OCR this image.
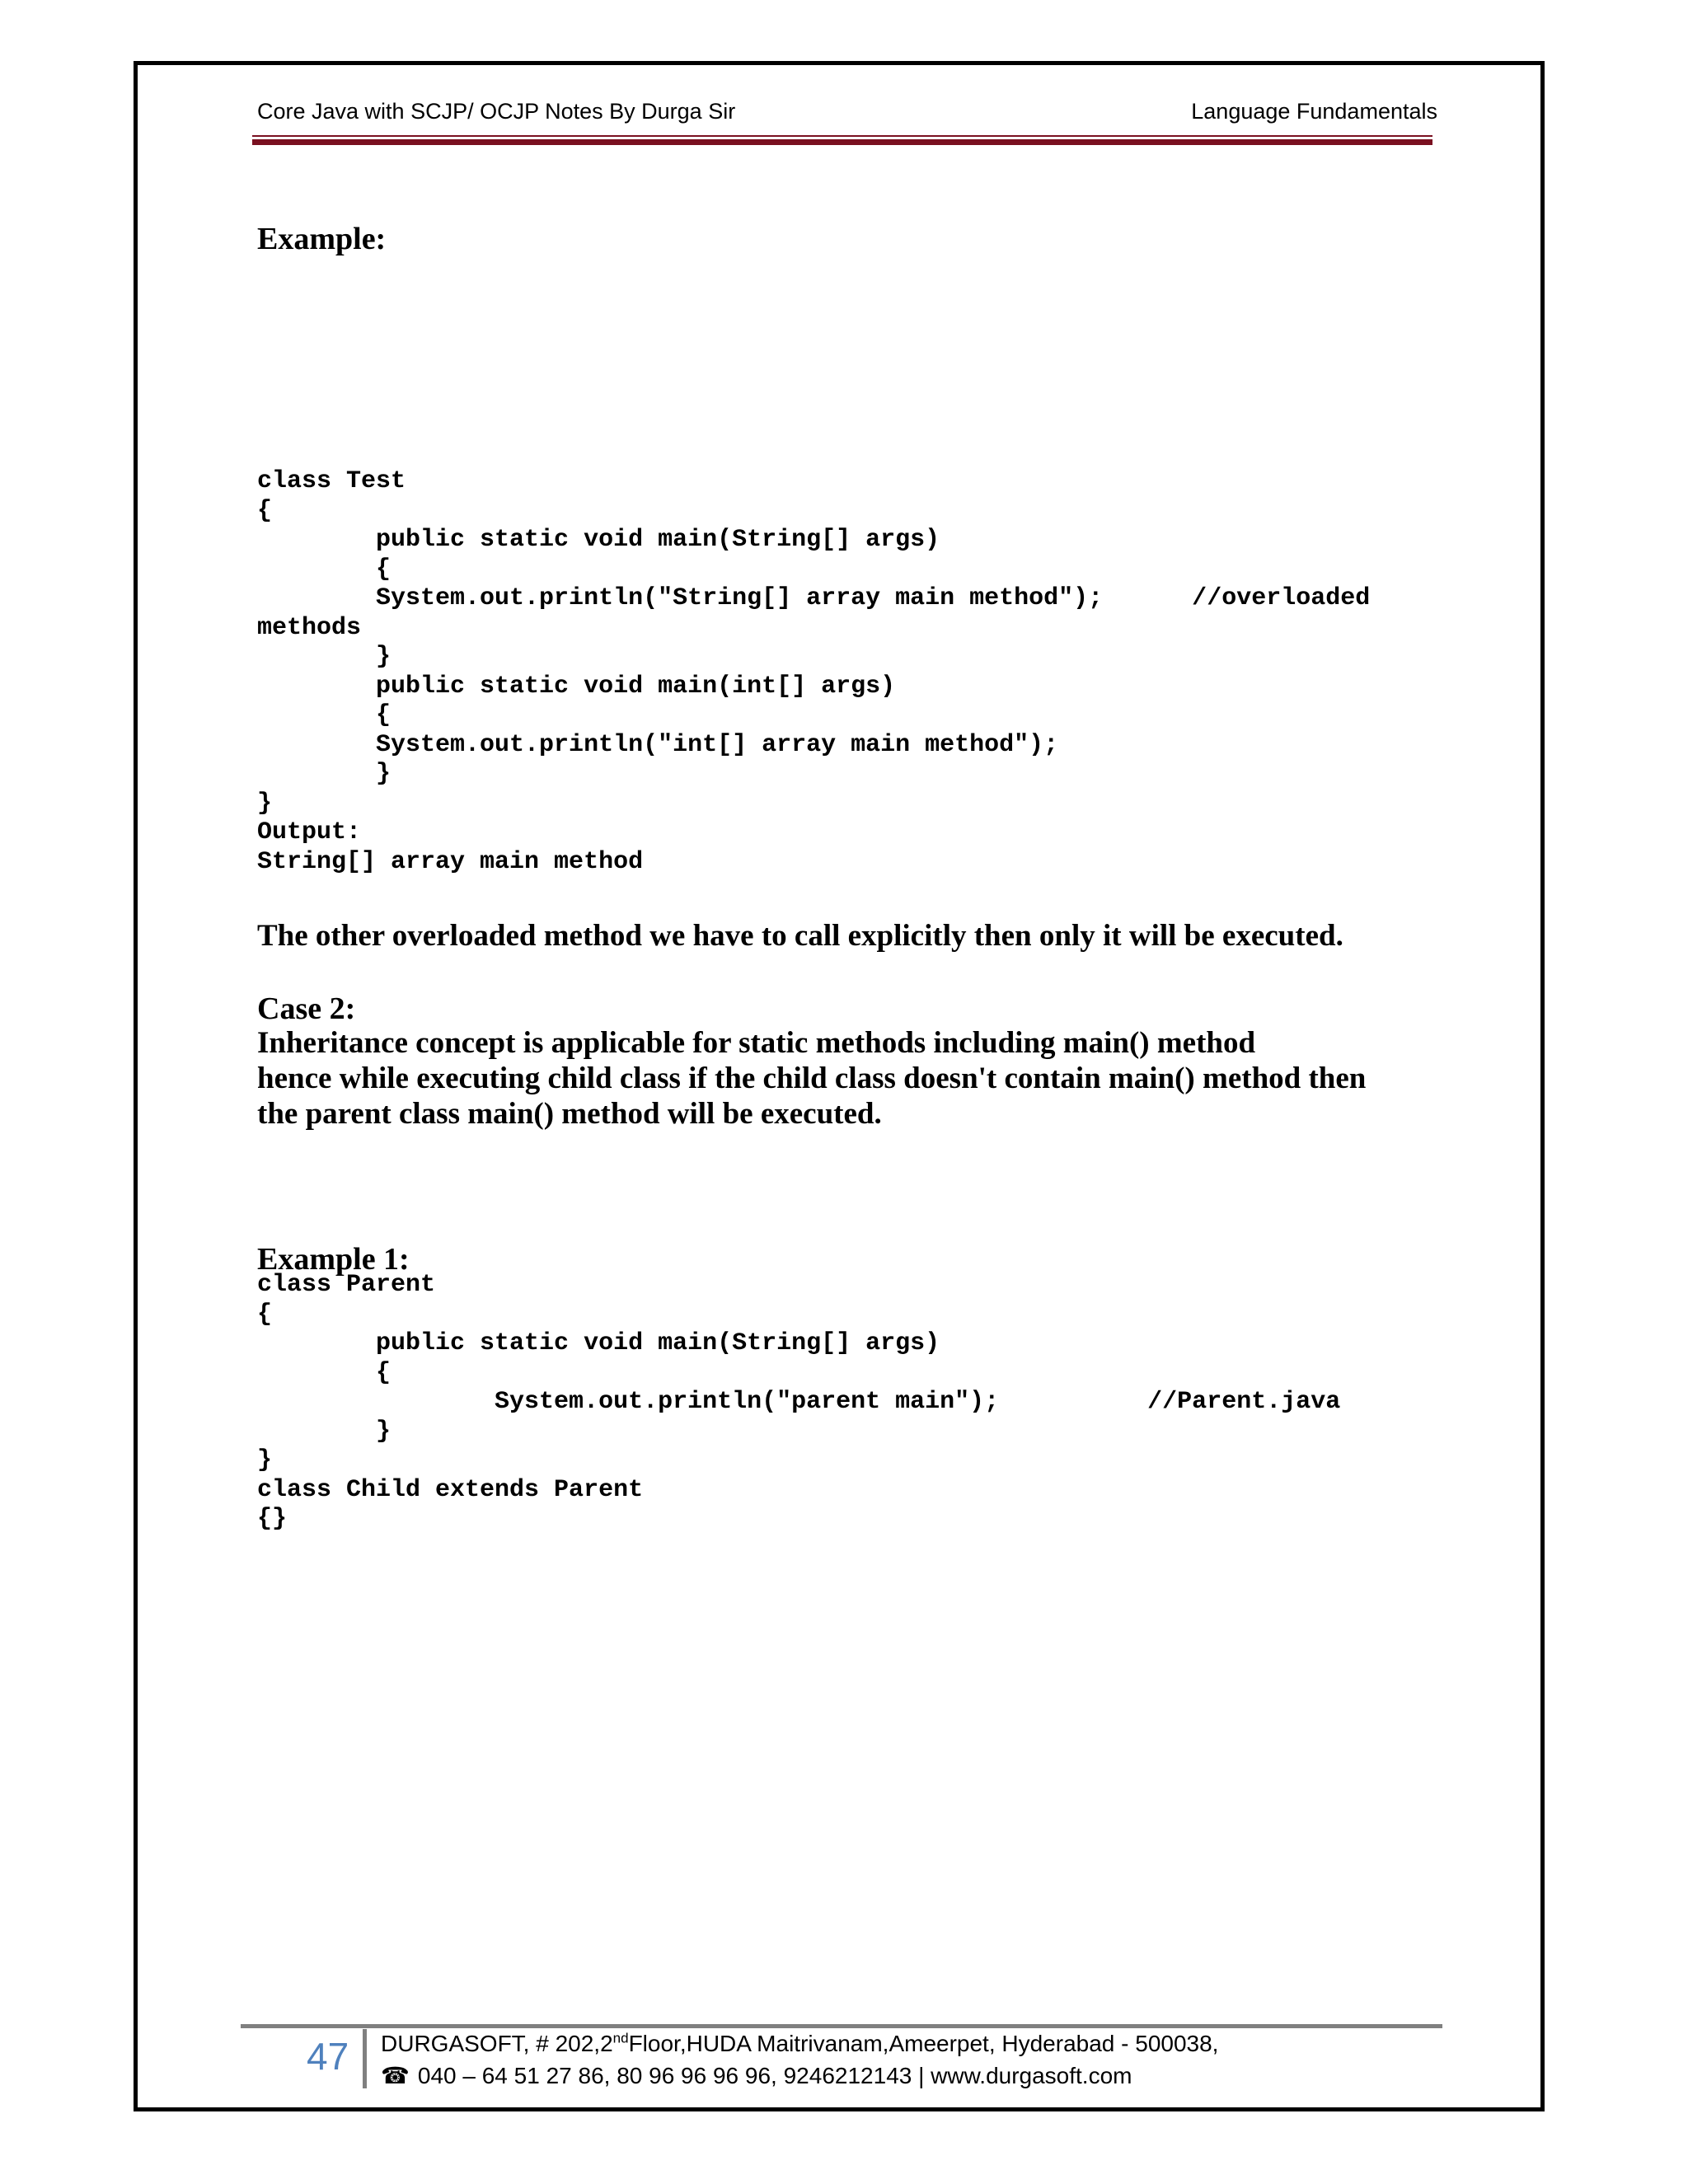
Core Java with SCJP/ OCJP Notes By Durga Sir	Language Fundamentals

Example:

class Test
{
public static void main(String[] args)
{
System.out.println("String[] array main method");      //overloaded
methods
}
public static void main(int[] args)
{
System.out.println("int[] array main method");
}
}
Output:
String[] array main method

The other overloaded method we have to call explicitly then only it will be executed.

Case 2:

Inheritance concept is applicable for static methods including main() method

hence while executing child class if the child class doesn't contain main() method then

the parent class main() method will be executed.

Example 1:

class Parent
{
public static void main(String[] args)
{
System.out.println("parent main");          //Parent.java
}
}
class Child extends Parent
{}
47 DURGASOFT, # 202,2ndFloor,HUDA Maitrivanam,Ameerpet, Hyderabad - 500038,
☎ 040 – 64 51 27 86, 80 96 96 96 96, 9246212143 | www.durgasoft.com
